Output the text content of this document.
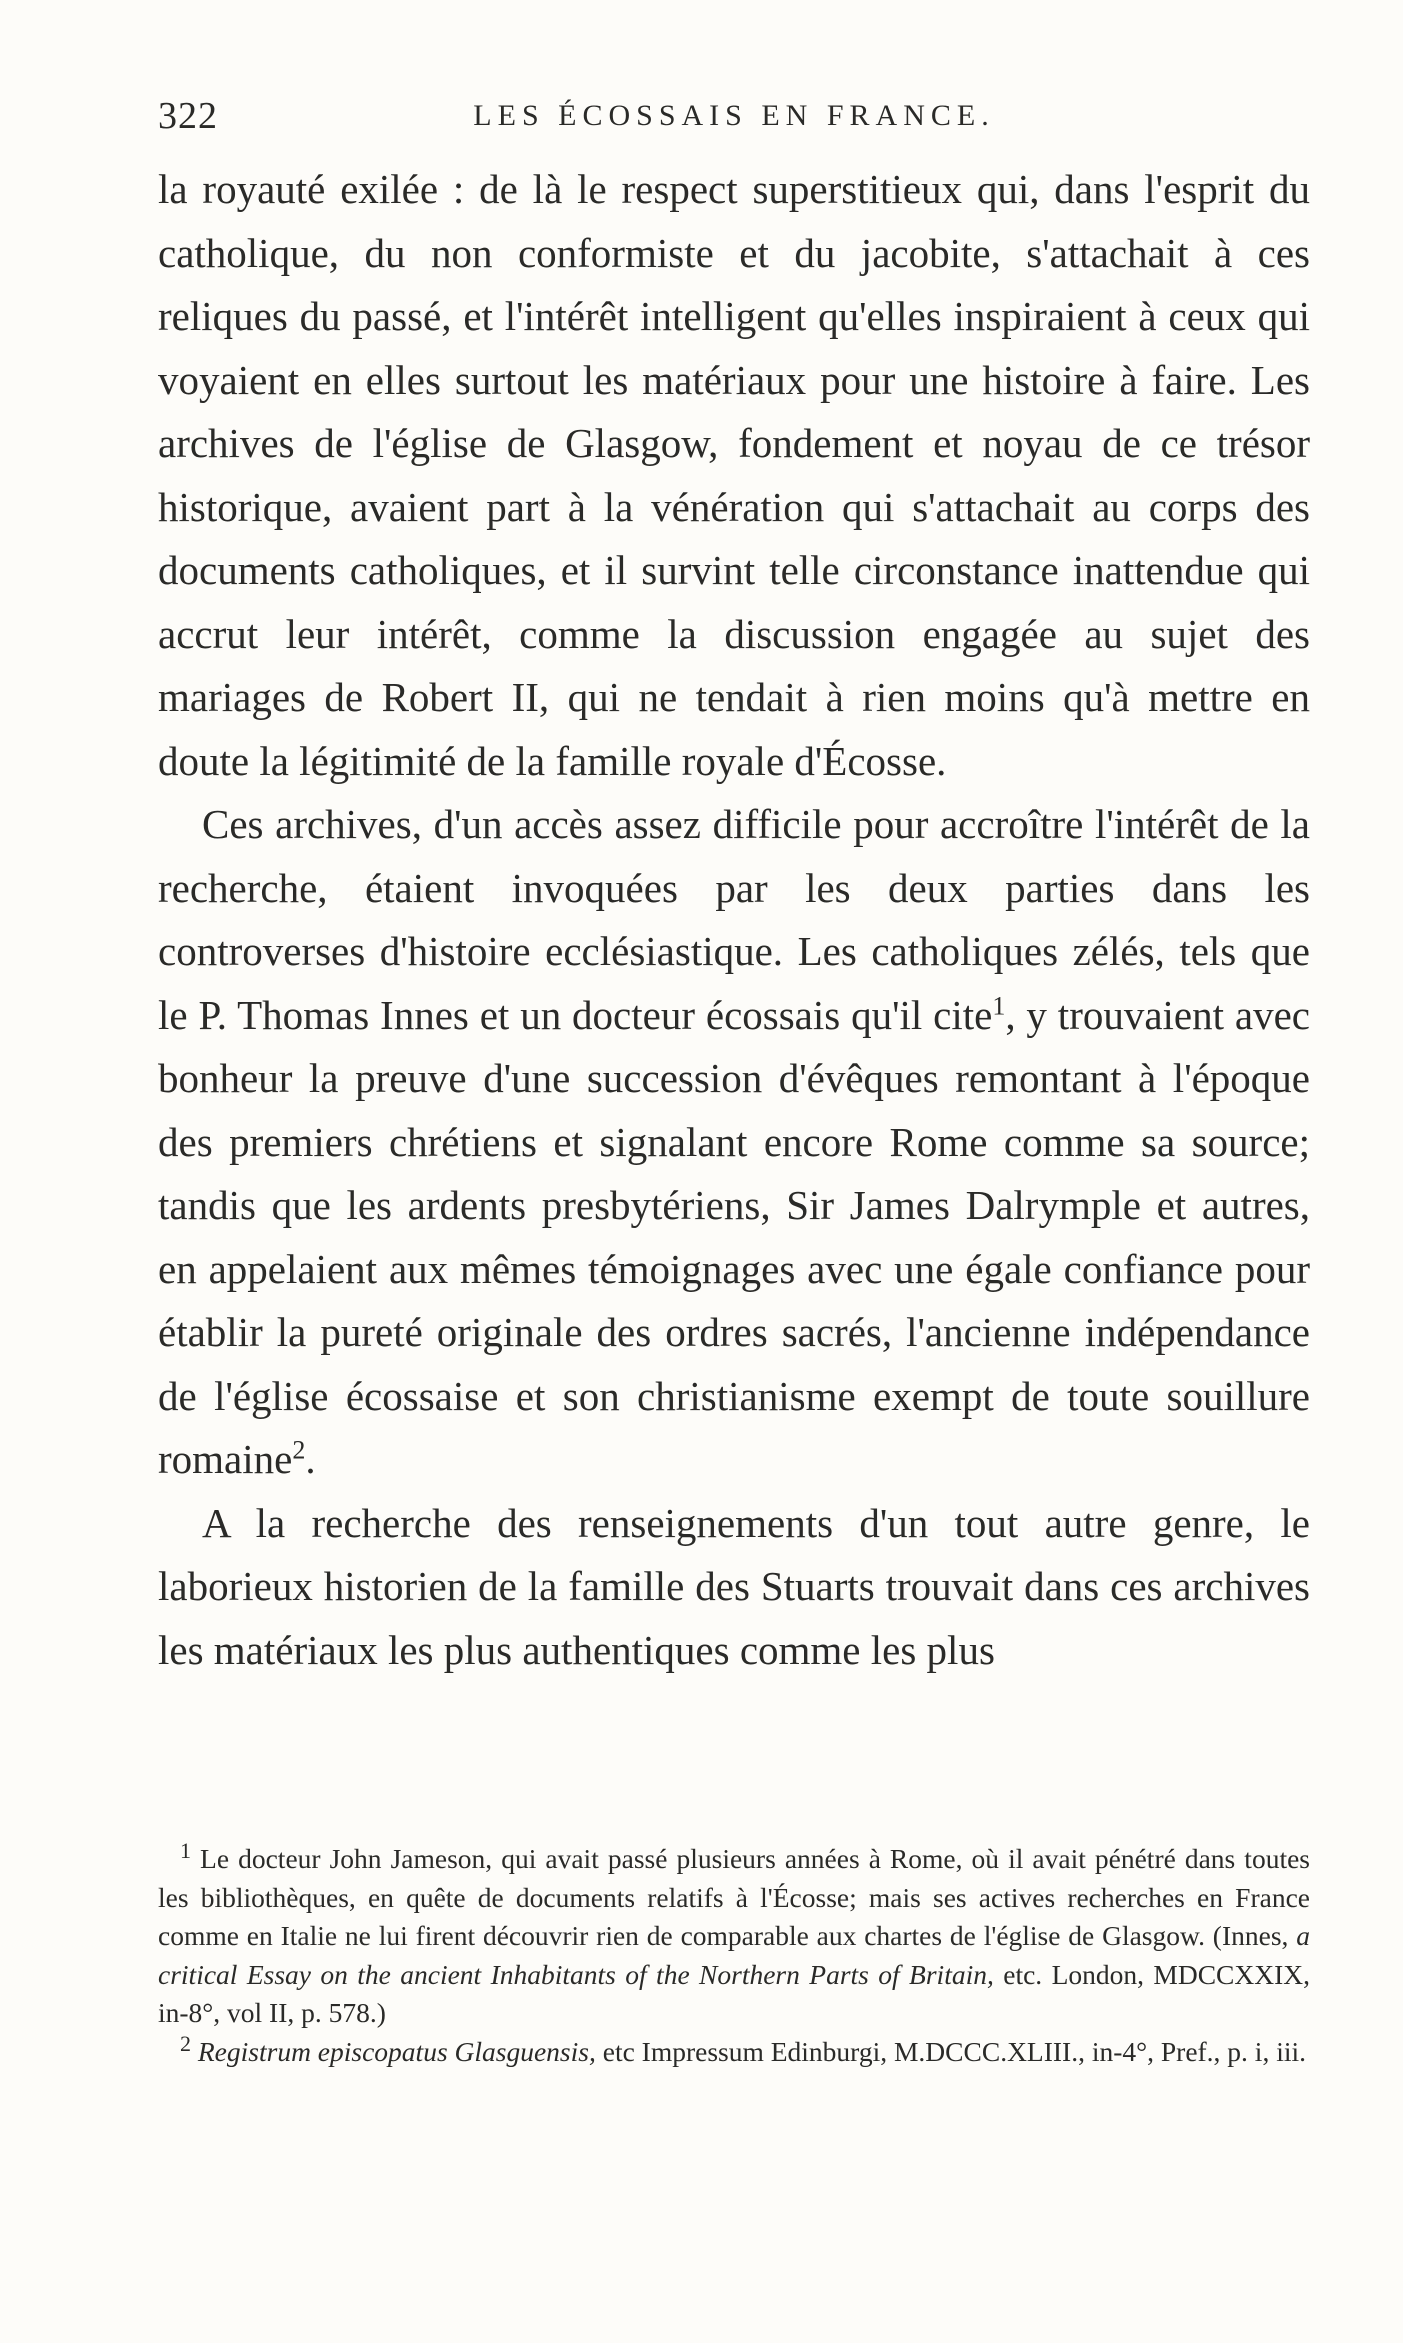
322	LES ÉCOSSAIS EN FRANCE.

la royauté exilée : de là le respect superstitieux qui, dans l'esprit du catholique, du non conformiste et du jacobite, s'attachait à ces reliques du passé, et l'intérêt intelligent qu'elles inspiraient à ceux qui voyaient en elles surtout les matériaux pour une histoire à faire. Les archives de l'église de Glasgow, fondement et noyau de ce trésor historique, avaient part à la vénération qui s'attachait au corps des documents catholiques, et il survint telle circonstance inattendue qui accrut leur intérêt, comme la discussion engagée au sujet des mariages de Robert II, qui ne tendait à rien moins qu'à mettre en doute la légitimité de la famille royale d'Écosse.

Ces archives, d'un accès assez difficile pour accroître l'intérêt de la recherche, étaient invoquées par les deux parties dans les controverses d'histoire ecclésiastique. Les catholiques zélés, tels que le P. Thomas Innes et un docteur écossais qu'il cite$^1$, y trouvaient avec bonheur la preuve d'une succession d'évêques remontant à l'époque des premiers chrétiens et signalant encore Rome comme sa source; tandis que les ardents presbytériens, Sir James Dalrymple et autres, en appelaient aux mêmes témoignages avec une égale confiance pour établir la pureté originale des ordres sacrés, l'ancienne indépendance de l'église écossaise et son christianisme exempt de toute souillure romaine$^2$.

A la recherche des renseignements d'un tout autre genre, le laborieux historien de la famille des Stuarts trouvait dans ces archives les matériaux les plus authentiques comme les plus

$^1$ Le docteur John Jameson, qui avait passé plusieurs années à Rome, où il avait pénétré dans toutes les bibliothèques, en quête de documents relatifs à l'Écosse; mais ses actives recherches en France comme en Italie ne lui firent découvrir rien de comparable aux chartes de l'église de Glasgow. (Innes, a critical Essay on the ancient Inhabitants of the Northern Parts of Britain, etc. London, MDCCXXIX, in-8°, vol II, p. 578.)

$^2$ Registrum episcopatus Glasguensis, etc Impressum Edinburgi, M.DCCC.XLIII., in-4°, Pref., p. i, iii.
